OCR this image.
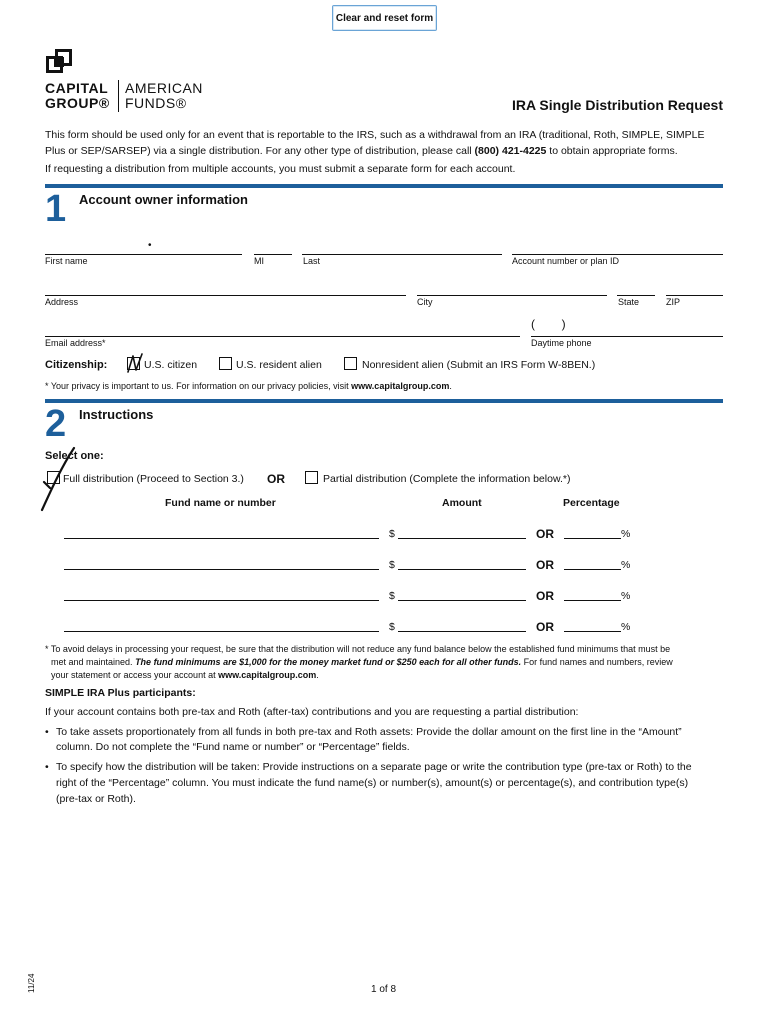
Clear and reset form
CAPITAL
GROUP®
AMERICAN
FUNDS®	IRA Single Distribution Request
This form should be used only for an event that is reportable to the IRS, such as a withdrawal from an IRA (traditional, Roth, SIMPLE, SIMPLE
Plus or SEP/SARSEP) via a single distribution. For any other type of distribution, please call (800) 421-4225 to obtain appropriate forms.
If requesting a distribution from multiple accounts, you must submit a separate form for each account.
1 Account owner information
•
First name	MI	Last	Account number or plan ID
Address	City	State	ZIP
(        )
Email address*	Daytime phone
Citizenship:	U.S. citizen	U.S. resident alien	Nonresident alien (Submit an IRS Form W-8BEN.)
* Your privacy is important to us. For information on our privacy policies, visit www.capitalgroup.com.
2 Instructions
Select one:
Full distribution (Proceed to Section 3.) OR	Partial distribution (Complete the information below.*)
Fund name or number	Amount	Percentage
$	OR	%
$	OR	%
$	OR	%
$	OR	%
* To avoid delays in processing your request, be sure that the distribution will not reduce any fund balance below the established fund minimums that must be
met and maintained. The fund minimums are $1,000 for the money market fund or $250 each for all other funds. For fund names and numbers, review
your statement or access your account at www.capitalgroup.com.
SIMPLE IRA Plus participants:
If your account contains both pre-tax and Roth (after-tax) contributions and you are requesting a partial distribution:
• To take assets proportionately from all funds in both pre-tax and Roth assets: Provide the dollar amount on the first line in the “Amount”
column. Do not complete the “Fund name or number” or “Percentage” fields.
• To specify how the distribution will be taken: Provide instructions on a separate page or write the contribution type (pre-tax or Roth) to the
right of the “Percentage” column. You must indicate the fund name(s) or number(s), amount(s) or percentage(s), and contribution type(s)
(pre-tax or Roth).
11/24	1 of 8
